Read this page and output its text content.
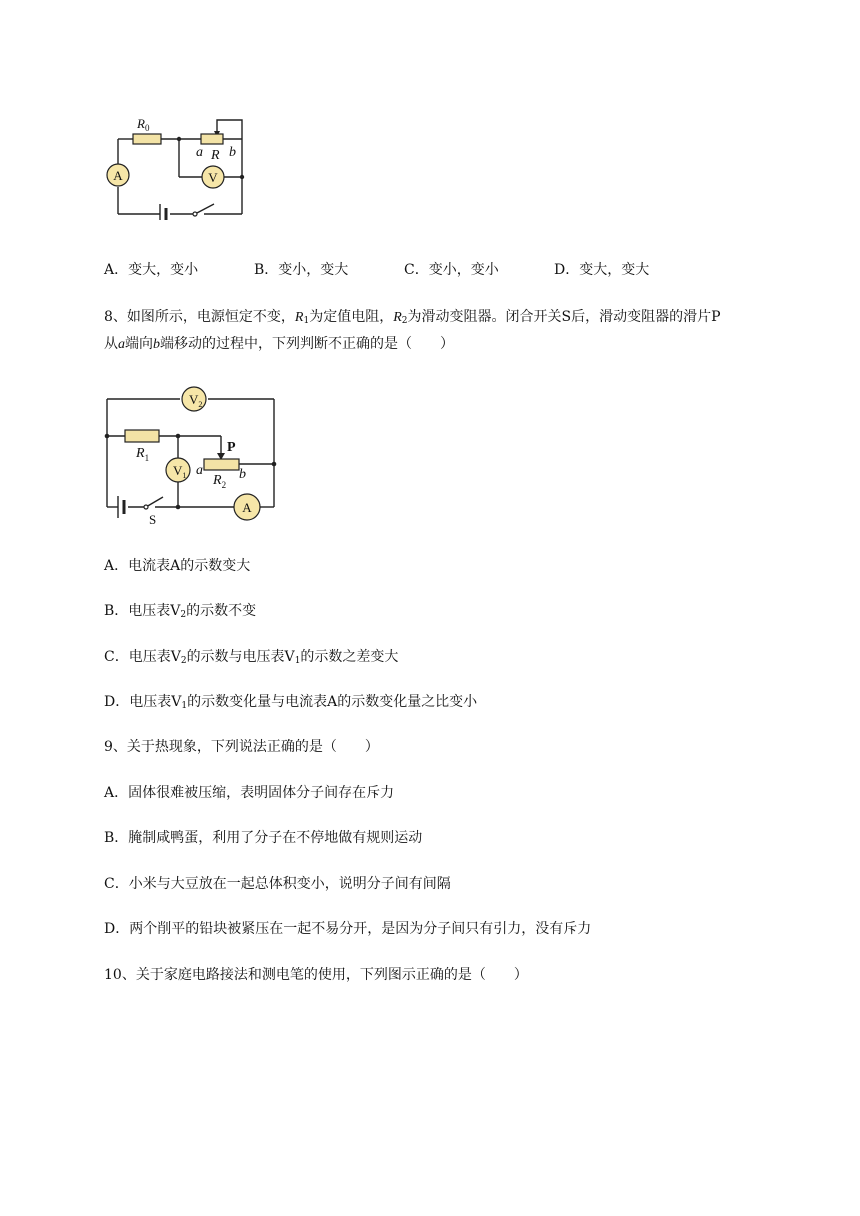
A	V
$R_0$
a R b
A．变大，变小	B．变小，变大	C．变小，变小	D．变大，变大
8、如图所示，电源恒定不变，$R_1$为定值电阻，$R_2$为滑动变阻器。闭合开关S后，滑动变阻器的滑片P
从a端向b端移动的过程中，下列判断不正确的是（　　）
$V_2$
$V_1$
A
$R_1$
P
a	b
$R_2$
S
A．电流表A的示数变大
B．电压表$V_2$的示数不变
C．电压表$V_2$的示数与电压表$V_1$的示数之差变大
D．电压表$V_1$的示数变化量与电流表A的示数变化量之比变小
9、关于热现象，下列说法正确的是（　　）
A．固体很难被压缩，表明固体分子间存在斥力
B．腌制咸鸭蛋，利用了分子在不停地做有规则运动
C．小米与大豆放在一起总体积变小，说明分子间有间隔
D．两个削平的铅块被紧压在一起不易分开，是因为分子间只有引力，没有斥力
10、关于家庭电路接法和测电笔的使用，下列图示正确的是（　　）
